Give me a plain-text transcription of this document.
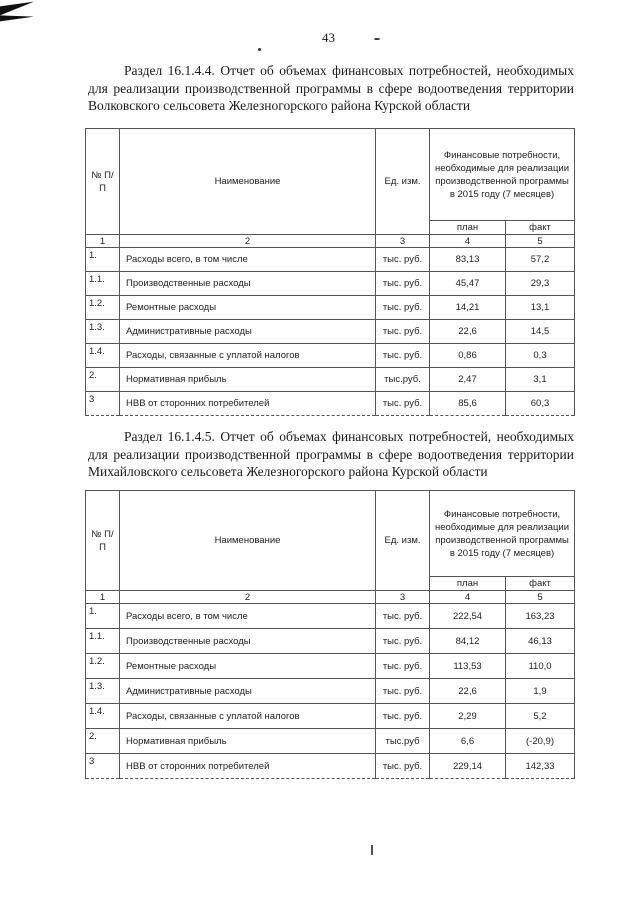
43
Раздел 16.1.4.4. Отчет об объемах финансовых потребностей, необходимых для реализации производственной программы в сфере водоотведения территории Волковского сельсовета Железногорского района Курской области
№ П/П	Наименование	Ед. изм.	Финансовые потребности, необходимые для реализации производственной программы в 2015 году (7 месяцев)	
			план	факт
1	2	3	4	5
1.	Расходы всего, в том числе	тыс. руб.	83,13	57,2
1.1.	Производственные расходы	тыс. руб.	45,47	29,3
1.2.	Ремонтные расходы	тыс. руб.	14,21	13,1
1.3.	Административные расходы	тыс. руб.	22,6	14,5
1.4.	Расходы, связанные с уплатой налогов	тыс. руб.	0,86	0,3
2.	Нормативная прибыль	тыс.руб.	2,47	3,1
3	НВВ от сторонних потребителей	тыс. руб.	85,6	60,3
Раздел 16.1.4.5. Отчет об объемах финансовых потребностей, необходимых для реализации производственной программы в сфере водоотведения территории Михайловского сельсовета Железногорского района Курской области
№ П/П	Наименование	Ед. изм.	Финансовые потребности, необходимые для реализации производственной программы в 2015 году (7 месяцев)	
			план	факт
1	2	3	4	5
1.	Расходы всего, в том числе	тыс. руб.	222,54	163,23
1.1.	Производственные расходы	тыс. руб.	84,12	46,13
1.2.	Ремонтные расходы	тыс. руб.	113,53	110,0
1.3.	Административные расходы	тыс. руб.	22,6	1,9
1.4.	Расходы, связанные с уплатой налогов	тыс. руб.	2,29	5,2
2.	Нормативная прибыль	тыс.руб	6,6	(-20,9)
3	НВВ от сторонних потребителей	тыс. руб.	229,14	142,33
